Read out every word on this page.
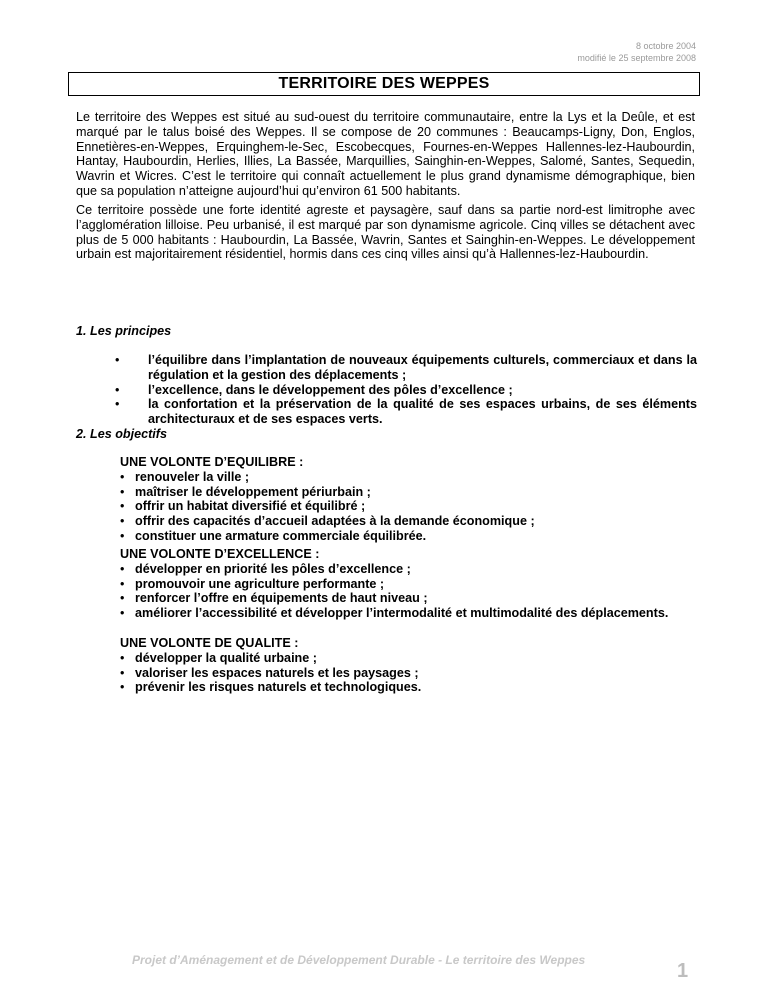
8 octobre 2004
modifié le 25 septembre 2008
TERRITOIRE DES WEPPES

Le territoire des Weppes est situé au sud-ouest du territoire communautaire, entre la Lys et la Deûle, et est marqué par le talus boisé des Weppes. Il se compose de 20 communes : Beaucamps-Ligny, Don, Englos, Ennetières-en-Weppes, Erquinghem-le-Sec, Escobecques, Fournes-en-Weppes Hallennes-lez-Haubourdin, Hantay, Haubourdin, Herlies, Illies, La Bassée, Marquillies, Sainghin-en-Weppes, Salomé, Santes, Sequedin, Wavrin et Wicres. C’est le territoire qui connaît actuellement le plus grand dynamisme démographique, bien que sa population n’atteigne aujourd’hui qu’environ 61 500 habitants.

Ce territoire possède une forte identité agreste et paysagère, sauf dans sa partie nord-est limitrophe avec l’agglomération lilloise. Peu urbanisé, il est marqué par son dynamisme agricole. Cinq villes se détachent avec plus de 5 000 habitants : Haubourdin, La Bassée, Wavrin, Santes et Sainghin-en-Weppes. Le développement urbain est majoritairement résidentiel, hormis dans ces cinq villes ainsi qu’à Hallennes-lez-Haubourdin.

1. Les principes

• l’équilibre dans l’implantation de nouveaux équipements culturels, commerciaux et dans la régulation et la gestion des déplacements ;
• l’excellence, dans le développement des pôles d’excellence ;
• la confortation et la préservation de la qualité de ses espaces urbains, de ses éléments architecturaux et de ses espaces verts.

2. Les objectifs

UNE VOLONTE D’EQUILIBRE :

• renouveler la ville ;
• maîtriser le développement périurbain ;
• offrir un habitat diversifié et équilibré ;
• offrir des capacités d’accueil adaptées à la demande économique ;
• constituer une armature commerciale équilibrée.

UNE VOLONTE D’EXCELLENCE :

• développer en priorité les pôles d’excellence ;
• promouvoir une agriculture performante ;
• renforcer l’offre en équipements de haut niveau ;
• améliorer l’accessibilité et développer l’intermodalité et multimodalité des déplacements.

UNE VOLONTE DE QUALITE :

• développer la qualité urbaine ;
• valoriser les espaces naturels et les paysages ;
• prévenir les risques naturels et technologiques.
Projet d’Aménagement et de Développement Durable - Le territoire des Weppes	1
